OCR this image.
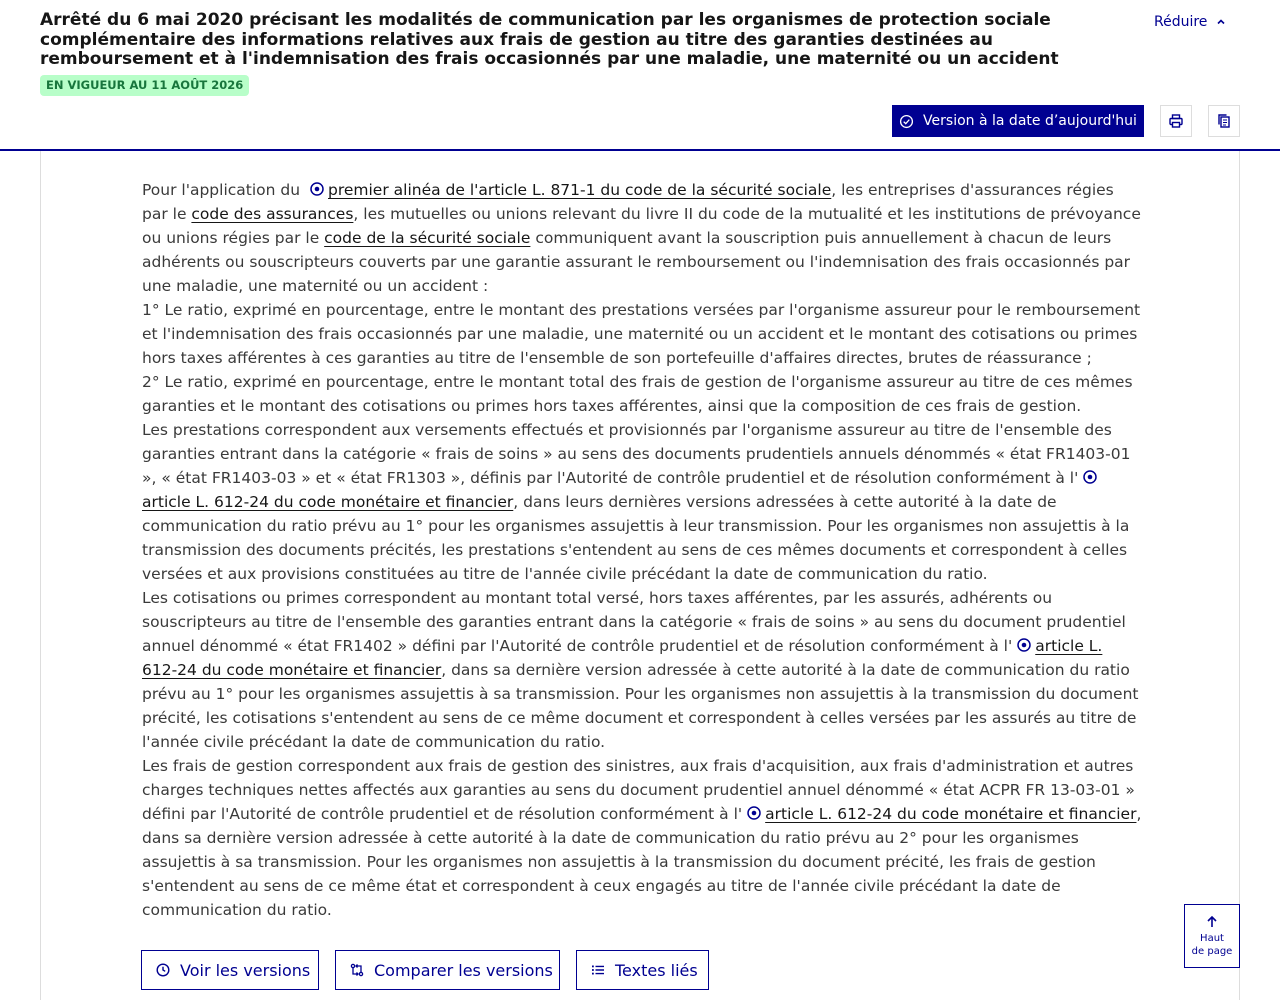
Arrêté du 6 mai 2020 précisant les modalités de communication par les organismes de protection sociale complémentaire des informations relatives aux frais de gestion au titre des garanties destinées au remboursement et à l'indemnisation des frais occasionnés par une maladie, une maternité ou un accident
EN VIGUEUR AU 11 AOÛT 2026
Réduire
Version à la date d’aujourd'hui

Pour l'application du premier alinéa de l'article L. 871-1 du code de la sécurité sociale, les entreprises d'assurances régies par le code des assurances, les mutuelles ou unions relevant du livre II du code de la mutualité et les institutions de prévoyance ou unions régies par le code de la sécurité sociale communiquent avant la souscription puis annuellement à chacun de leurs adhérents ou souscripteurs couverts par une garantie assurant le remboursement ou l'indemnisation des frais occasionnés par une maladie, une maternité ou un accident :

1° Le ratio, exprimé en pourcentage, entre le montant des prestations versées par l'organisme assureur pour le remboursement et l'indemnisation des frais occasionnés par une maladie, une maternité ou un accident et le montant des cotisations ou primes hors taxes afférentes à ces garanties au titre de l'ensemble de son portefeuille d'affaires directes, brutes de réassurance ;

2° Le ratio, exprimé en pourcentage, entre le montant total des frais de gestion de l'organisme assureur au titre de ces mêmes garanties et le montant des cotisations ou primes hors taxes afférentes, ainsi que la composition de ces frais de gestion.

Les prestations correspondent aux versements effectués et provisionnés par l'organisme assureur au titre de l'ensemble des garanties entrant dans la catégorie « frais de soins » au sens des documents prudentiels annuels dénommés « état FR1403-01 », « état FR1403-03 » et « état FR1303 », définis par l'Autorité de contrôle prudentiel et de résolution conformément à l'article L. 612-24 du code monétaire et financier, dans leurs dernières versions adressées à cette autorité à la date de communication du ratio prévu au 1° pour les organismes assujettis à leur transmission. Pour les organismes non assujettis à la transmission des documents précités, les prestations s'entendent au sens de ces mêmes documents et correspondent à celles versées et aux provisions constituées au titre de l'année civile précédant la date de communication du ratio.

Les cotisations ou primes correspondent au montant total versé, hors taxes afférentes, par les assurés, adhérents ou souscripteurs au titre de l'ensemble des garanties entrant dans la catégorie « frais de soins » au sens du document prudentiel annuel dénommé « état FR1402 » défini par l'Autorité de contrôle prudentiel et de résolution conformément à l' article L. 612-24 du code monétaire et financier, dans sa dernière version adressée à cette autorité à la date de communication du ratio prévu au 1° pour les organismes assujettis à sa transmission. Pour les organismes non assujettis à la transmission du document précité, les cotisations s'entendent au sens de ce même document et correspondent à celles versées par les assurés au titre de l'année civile précédant la date de communication du ratio.

Les frais de gestion correspondent aux frais de gestion des sinistres, aux frais d'acquisition, aux frais d'administration et autres charges techniques nettes affectés aux garanties au sens du document prudentiel annuel dénommé « état ACPR FR 13-03-01 » défini par l'Autorité de contrôle prudentiel et de résolution conformément à l' article L. 612-24 du code monétaire et financier, dans sa dernière version adressée à cette autorité à la date de communication du ratio prévu au 2° pour les organismes assujettis à sa transmission. Pour les organismes non assujettis à la transmission du document précité, les frais de gestion s'entendent au sens de ce même état et correspondent à ceux engagés au titre de l'année civile précédant la date de communication du ratio.

Voir les versions	Comparer les versions	Textes liés
Haut
de page
